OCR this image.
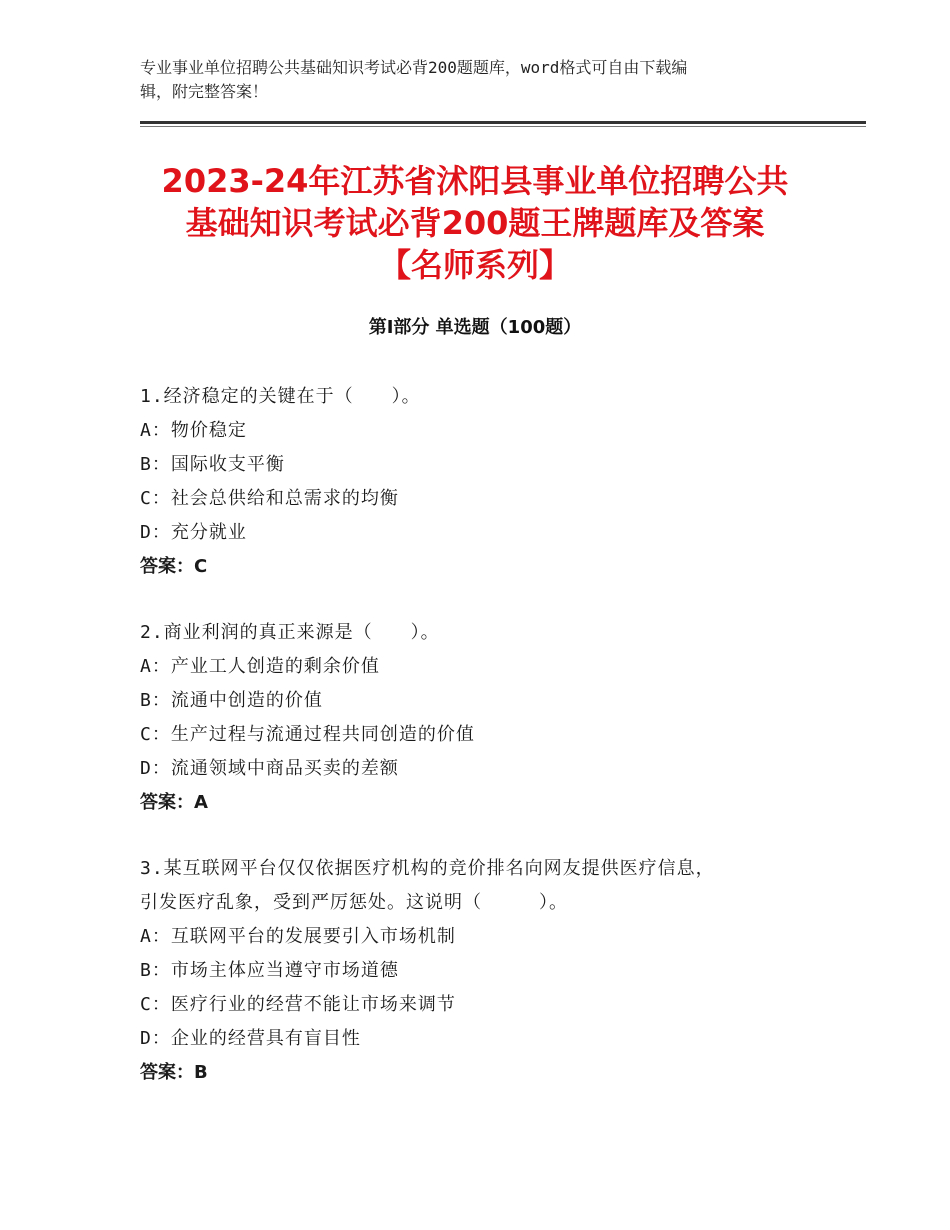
专业事业单位招聘公共基础知识考试必背200题题库，word格式可自由下载编
辑，附完整答案！
2023-24年江苏省沭阳县事业单位招聘公共
基础知识考试必背200题王牌题库及答案
【名师系列】
第Ⅰ部分 单选题（100题）
1.经济稳定的关键在于（　　）。
A：物价稳定
B：国际收支平衡
C：社会总供给和总需求的均衡
D：充分就业
答案：C
2.商业利润的真正来源是（　　）。
A：产业工人创造的剩余价值
B：流通中创造的价值
C：生产过程与流通过程共同创造的价值
D：流通领域中商品买卖的差额
答案：A
3.某互联网平台仅仅依据医疗机构的竞价排名向网友提供医疗信息，
引发医疗乱象，受到严厉惩处。这说明（　　　）。
A：互联网平台的发展要引入市场机制
B：市场主体应当遵守市场道德
C：医疗行业的经营不能让市场来调节
D：企业的经营具有盲目性
答案：B
